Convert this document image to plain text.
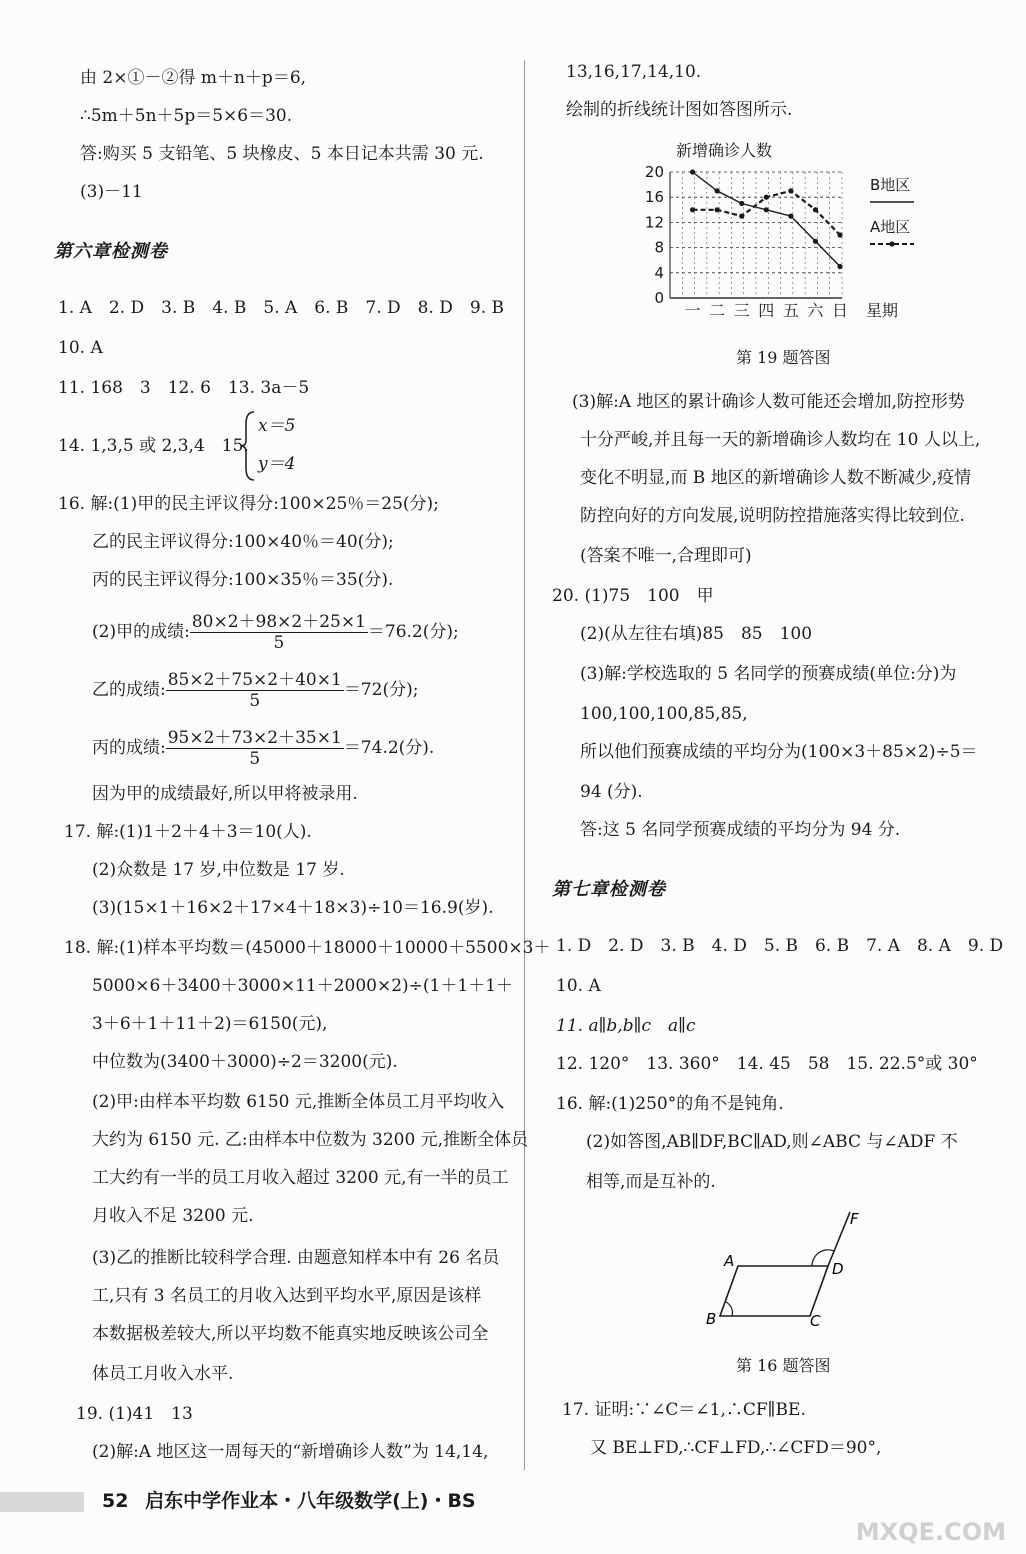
由 2×①－②得 m＋n＋p＝6,
∴5m＋5n＋5p＝5×6＝30.
答:购买 5 支铅笔、5 块橡皮、5 本日记本共需 30 元.
(3)－11
第六章检测卷
1. A　2. D　3. B　4. B　5. A　6. B　7. D　8. D　9. B
10. A
11. 168　3　12. 6　13. 3a－5
14. 1,3,5 或 2,3,4　15.
x＝5
y＝4
16. 解:(1)甲的民主评议得分:100×25％＝25(分);
乙的民主评议得分:100×40％＝40(分);
丙的民主评议得分:100×35％＝35(分).
(2)甲的成绩: $\frac{80\times 2+98\times 2+25\times 1}{5} =76.2$(分);
乙的成绩: $\frac{85\times 2+75\times 2+40\times 1}{5} =72$(分);
丙的成绩: $\frac{95\times 2+73\times 2+35\times 1}{5} =74.2$(分).
因为甲的成绩最好,所以甲将被录用.
17. 解:(1)1＋2＋4＋3＝10(人).
(2)众数是 17 岁,中位数是 17 岁.
(3)(15×1＋16×2＋17×4＋18×3)÷10＝16.9(岁).
18. 解:(1)样本平均数＝(45000＋18000＋10000＋5500×3＋
5000×6＋3400＋3000×11＋2000×2)÷(1＋1＋1＋
3＋6＋1＋11＋2)＝6150(元),
中位数为(3400＋3000)÷2＝3200(元).
(2)甲:由样本平均数 6150 元,推断全体员工月平均收入
大约为 6150 元. 乙:由样本中位数为 3200 元,推断全体员
工大约有一半的员工月收入超过 3200 元,有一半的员工
月收入不足 3200 元.
(3)乙的推断比较科学合理. 由题意知样本中有 26 名员
工,只有 3 名员工的月收入达到平均水平,原因是该样
本数据极差较大,所以平均数不能真实地反映该公司全
体员工月收入水平.
19. (1)41　13
(2)解:A 地区这一周每天的“新增确诊人数”为 14,14,
13,16,17,14,10.
绘制的折线统计图如答图所示.
新增确诊人数
0
4
8
12
16
20
一 二 三 四 五 六 日 星期
B地区
A地区
第 19 题答图
(3)解:A 地区的累计确诊人数可能还会增加,防控形势
十分严峻,并且每一天的新增确诊人数均在 10 人以上,
变化不明显,而 B 地区的新增确诊人数不断减少,疫情
防控向好的方向发展,说明防控措施落实得比较到位.
(答案不唯一,合理即可)
20. (1)75　100　甲
(2)(从左往右填)85　85　100
(3)解:学校选取的 5 名同学的预赛成绩(单位:分)为
100,100,100,85,85,
所以他们预赛成绩的平均分为(100×3＋85×2)÷5＝
94 (分).
答:这 5 名同学预赛成绩的平均分为 94 分.
第七章检测卷
1. D　2. D　3. B　4. D　5. B　6. B　7. A　8. A　9. D
10. A
11. a∥b,b∥c　a∥c
12. 120°　13. 360°　14. 45　58　15. 22.5°或 30°
16. 解:(1)250°的角不是钝角.
(2)如答图,AB∥DF,BC∥AD,则∠ABC 与∠ADF 不
相等,而是互补的.
A
B	C
D
F
第 16 题答图
17. 证明:∵∠C＝∠1,∴CF∥BE.
又 BE⊥FD,∴CF⊥FD,∴∠CFD＝90°,
52 启东中学作业本・八年级数学(上)・BS
MXQE.COM
